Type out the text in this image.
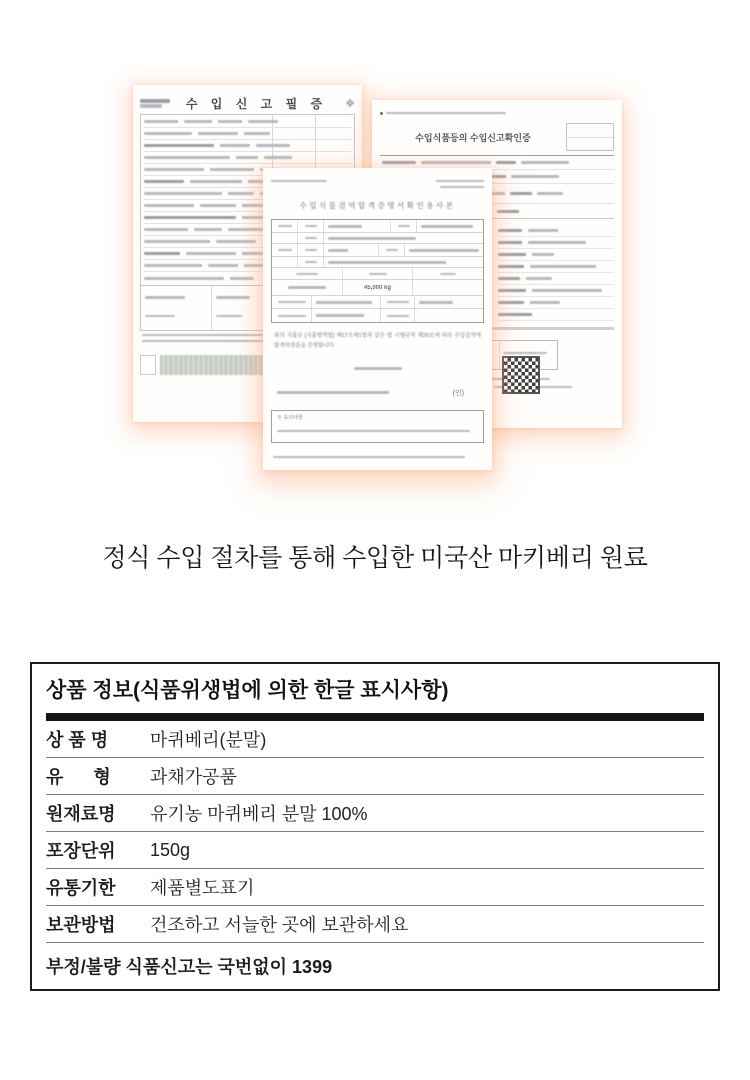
수 입 신 고 필 증	❖

수입식품등의 수입신고확인증

수입식물검역합격증명서확인용사본
45,000 kg

위의 식물은 [식물방역법] 제17조제1항과 같은 법 시행규칙 제20조에 따라 수입검역에 합격하였음을 증명합니다.

(인)
※ 유의사항

정식 수입 절차를 통해 수입한 미국산 마키베리 원료

상품 정보(식품위생법에 의한 한글 표시사항)
상 품 명	마퀴베리(분말)
유      형	과채가공품
원재료명	유기농 마퀴베리 분말 100%
포장단위	150g
유통기한	제품별도표기
보관방법	건조하고 서늘한 곳에 보관하세요
부정/불량 식품신고는 국번없이 1399
